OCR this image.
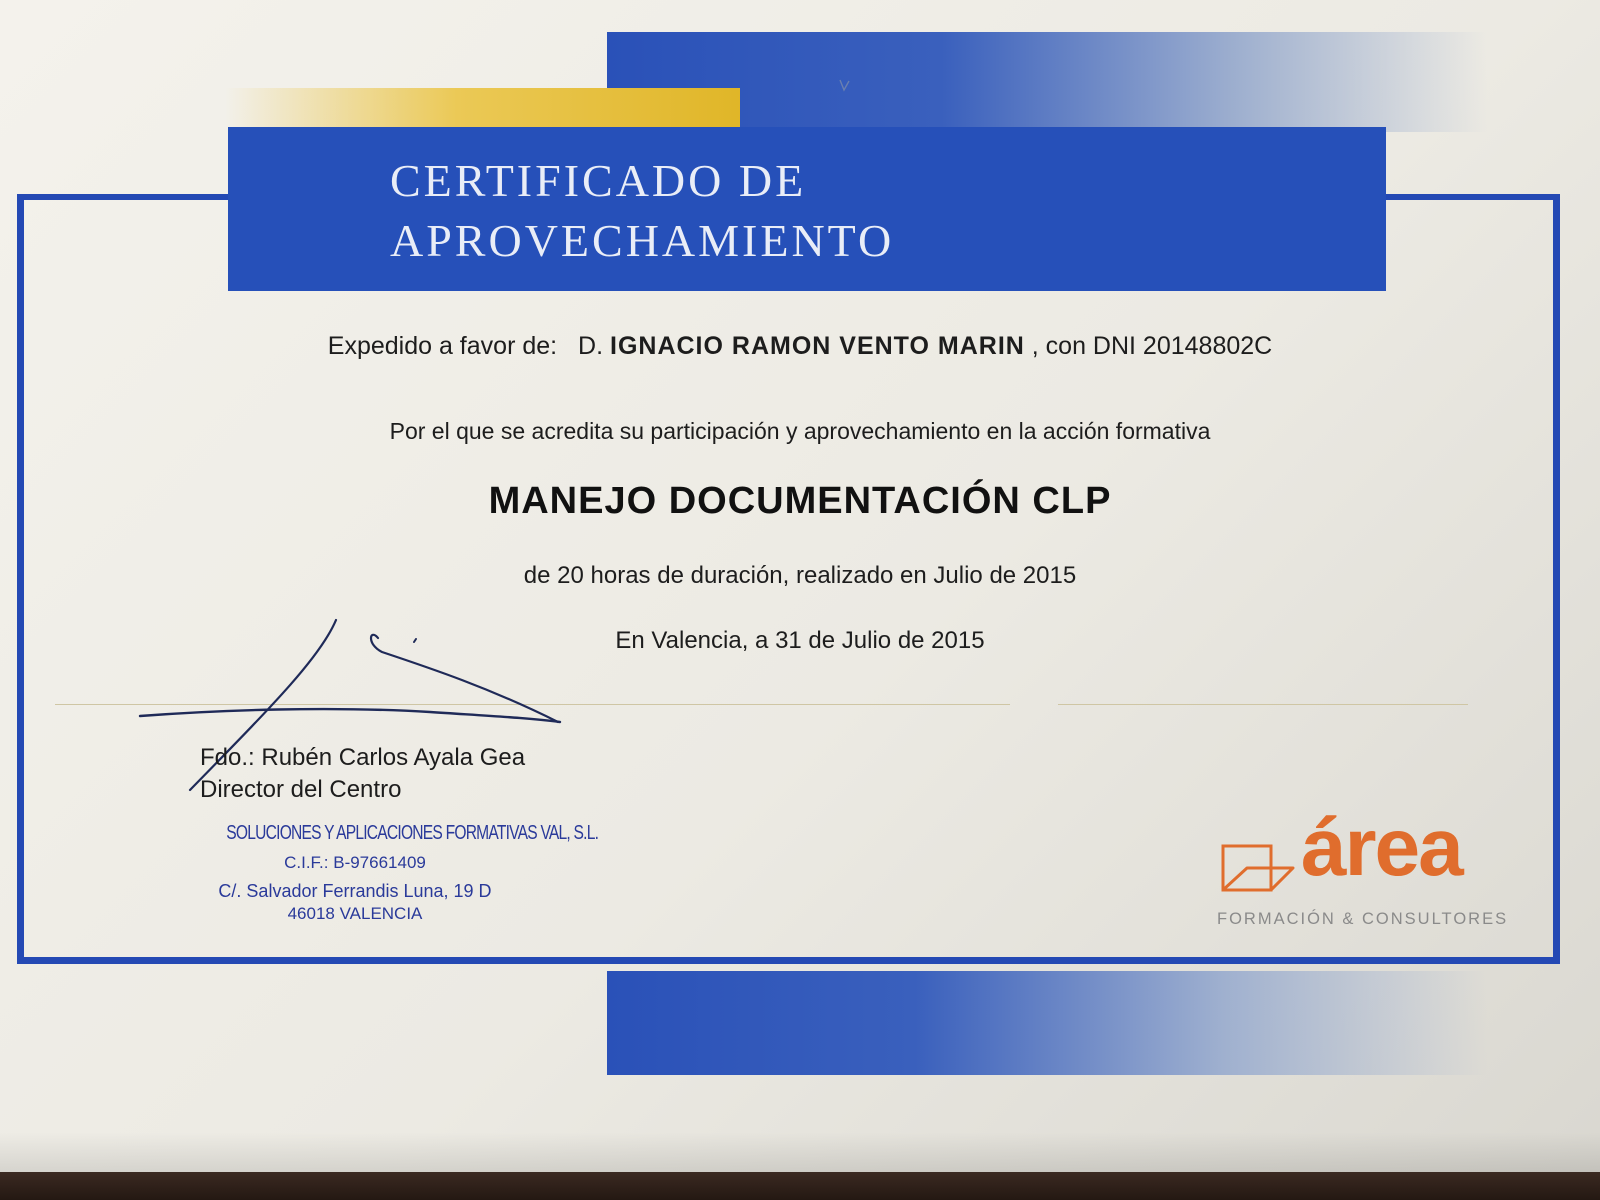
CERTIFICADO DE
APROVECHAMIENTO
Expedido a favor de: D. IGNACIO RAMON VENTO MARIN , con DNI 20148802C
Por el que se acredita su participación y aprovechamiento en la acción formativa
MANEJO DOCUMENTACIÓN CLP
de 20 horas de duración, realizado en Julio de 2015
En Valencia, a 31 de Julio de 2015
Fdo.: Rubén Carlos Ayala Gea
Director del Centro
SOLUCIONES Y APLICACIONES FORMATIVAS VAL, S.L.
C.I.F.: B-97661409
C/. Salvador Ferrandis Luna, 19 D
46018 VALENCIA
área
FORMACIÓN & CONSULTORES
